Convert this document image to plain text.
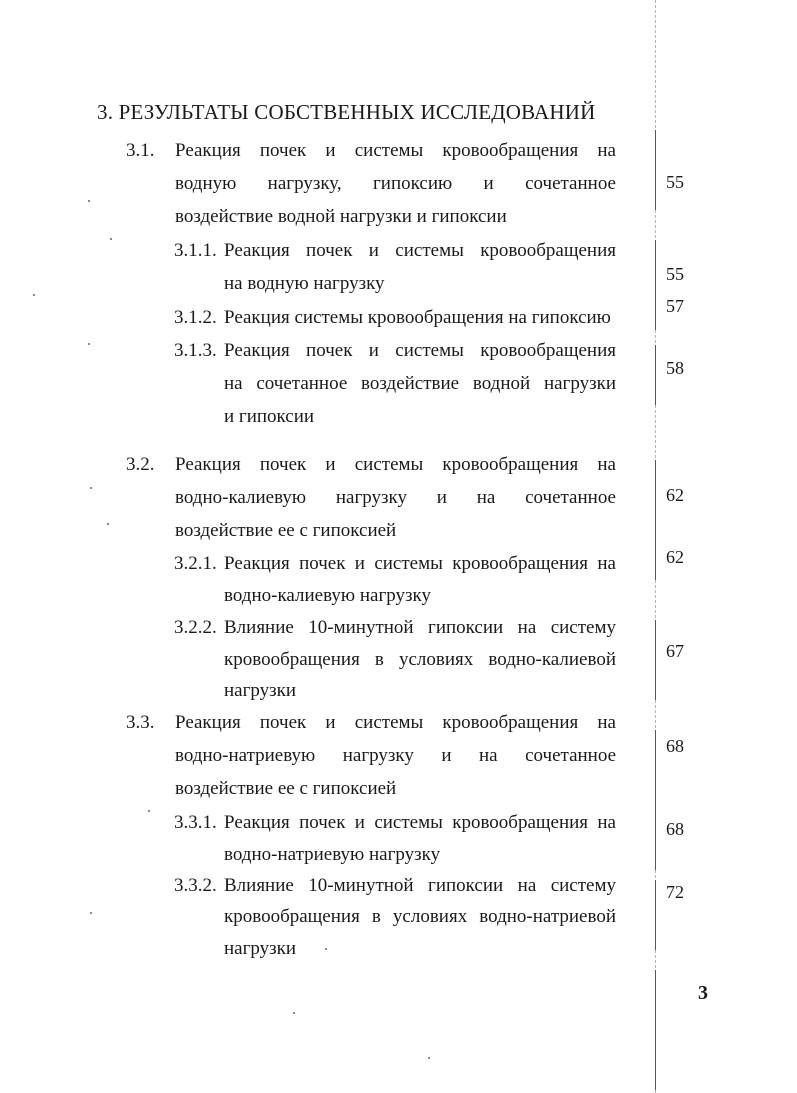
3. РЕЗУЛЬТАТЫ СОБСТВЕННЫХ ИССЛЕДОВАНИЙ
3.1. Реакция почек и системы кровообращения на
водную нагрузку, гипоксию и сочетанное
воздействие водной нагрузки и гипоксии
55
3.1.1. Реакция почек и системы кровообращения
на водную нагрузку	55
3.1.2. Реакция системы кровообращения на гипоксию
57
3.1.3. Реакция почек и системы кровообращения
на сочетанное воздействие водной нагрузки
и гипоксии
58
3.2. Реакция почек и системы кровообращения на
водно-калиевую нагрузку и на сочетанное
воздействие ее с гипоксией
62
3.2.1. Реакция почек и системы кровообращения на
водно-калиевую нагрузку
62
3.2.2. Влияние 10-минутной гипоксии на систему
кровообращения в условиях водно-калиевой
нагрузки
67
3.3. Реакция почек и системы кровообращения на
водно-натриевую нагрузку и на сочетанное
воздействие ее с гипоксией
68
3.3.1. Реакция почек и системы кровообращения на
водно-натриевую нагрузку
68
3.3.2. Влияние 10-минутной гипоксии на систему
кровообращения в условиях водно-натриевой
нагрузки
72
3
